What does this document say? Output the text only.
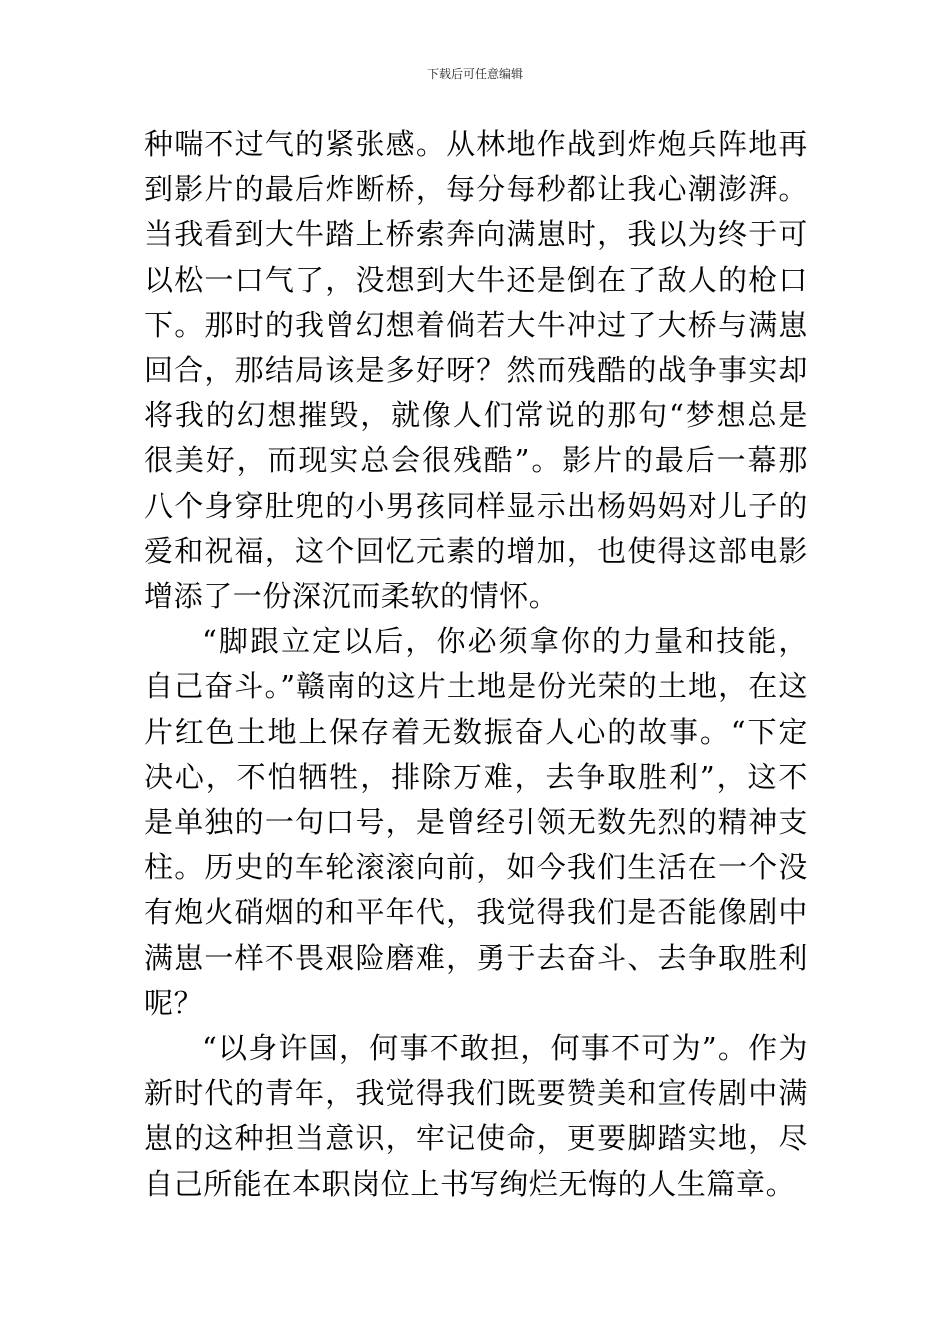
下载后可任意编辑

种喘不过气的紧张感。从林地作战到炸炮兵阵地再到影片的最后炸断桥，每分每秒都让我心潮澎湃。当我看到大牛踏上桥索奔向满崽时，我以为终于可以松一口气了，没想到大牛还是倒在了敌人的枪口下。那时的我曾幻想着倘若大牛冲过了大桥与满崽回合，那结局该是多好呀？然而残酷的战争事实却将我的幻想摧毁，就像人们常说的那句“梦想总是很美好，而现实总会很残酷”。影片的最后一幕那八个身穿肚兜的小男孩同样显示出杨妈妈对儿子的爱和祝福，这个回忆元素的增加，也使得这部电影增添了一份深沉而柔软的情怀。

“脚跟立定以后，你必须拿你的力量和技能，自己奋斗。”赣南的这片土地是份光荣的土地，在这片红色土地上保存着无数振奋人心的故事。“下定决心，不怕牺牲，排除万难，去争取胜利”，这不是单独的一句口号，是曾经引领无数先烈的精神支柱。历史的车轮滚滚向前，如今我们生活在一个没有炮火硝烟的和平年代，我觉得我们是否能像剧中满崽一样不畏艰险磨难，勇于去奋斗、去争取胜利呢？

“以身许国，何事不敢担，何事不可为”。作为新时代的青年，我觉得我们既要赞美和宣传剧中满崽的这种担当意识，牢记使命，更要脚踏实地，尽自己所能在本职岗位上书写绚烂无悔的人生篇章。
